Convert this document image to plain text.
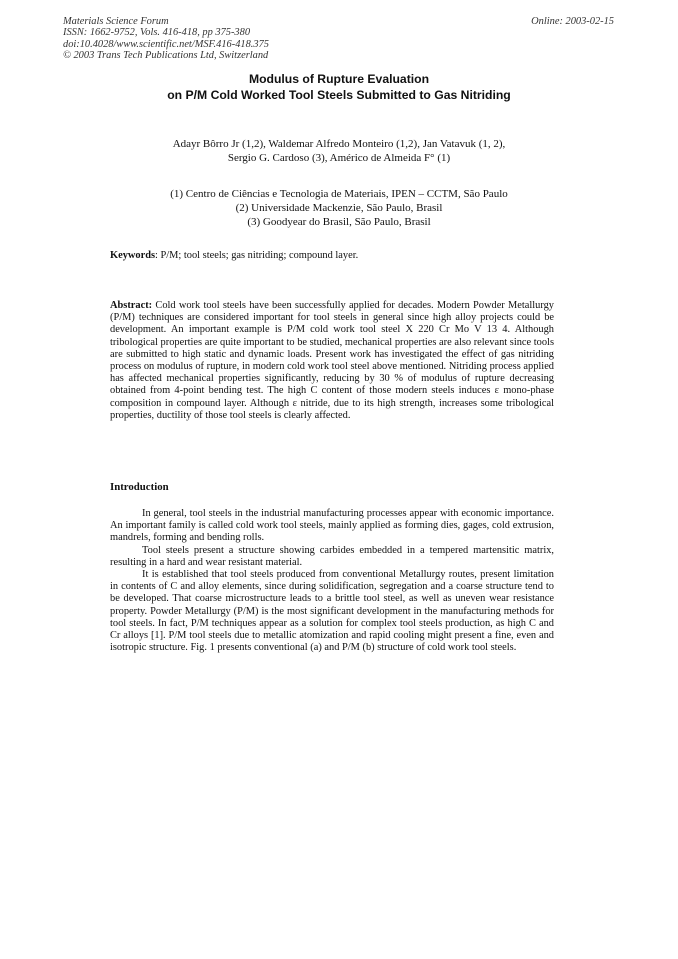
Materials Science Forum
ISSN: 1662-9752, Vols. 416-418, pp 375-380
doi:10.4028/www.scientific.net/MSF.416-418.375
© 2003 Trans Tech Publications Ltd, Switzerland
Online: 2003-02-15
Modulus of Rupture Evaluation
on P/M Cold Worked Tool Steels Submitted to Gas Nitriding
Adayr Bôrro Jr (1,2), Waldemar Alfredo Monteiro (1,2), Jan Vatavuk (1, 2),
Sergio G. Cardoso (3), Américo de Almeida F° (1)
(1) Centro de Ciências e Tecnologia de Materiais, IPEN – CCTM, São Paulo
(2) Universidade Mackenzie, São Paulo, Brasil
(3) Goodyear do Brasil, São Paulo, Brasil
Keywords: P/M; tool steels; gas nitriding; compound layer.
Abstract: Cold work tool steels have been successfully applied for decades. Modern Powder Metallurgy (P/M) techniques are considered important for tool steels in general since high alloy projects could be development. An important example is P/M cold work tool steel X 220 Cr Mo V 13 4. Although tribological properties are quite important to be studied, mechanical properties are also relevant since tools are submitted to high static and dynamic loads. Present work has investigated the effect of gas nitriding process on modulus of rupture, in modern cold work tool steel above mentioned. Nitriding process applied has affected mechanical properties significantly, reducing by 30 % of modulus of rupture decreasing obtained from 4-point bending test. The high C content of those modern steels induces ε mono-phase composition in compound layer. Although ε nitride, due to its high strength, increases some tribological properties, ductility of those tool steels is clearly affected.
Introduction

In general, tool steels in the industrial manufacturing processes appear with economic importance. An important family is called cold work tool steels, mainly applied as forming dies, gages, cold extrusion, mandrels, forming and bending rolls.

Tool steels present a structure showing carbides embedded in a tempered martensitic matrix, resulting in a hard and wear resistant material.

It is established that tool steels produced from conventional Metallurgy routes, present limitation in contents of C and alloy elements, since during solidification, segregation and a coarse structure tend to be developed. That coarse microstructure leads to a brittle tool steel, as well as uneven wear resistance property. Powder Metallurgy (P/M) is the most significant development in the manufacturing methods for tool steels. In fact, P/M techniques appear as a solution for complex tool steels production, as high C and Cr alloys [1]. P/M tool steels due to metallic atomization and rapid cooling might present a fine, even and isotropic structure. Fig. 1 presents conventional (a) and P/M (b) structure of cold work tool steels.
